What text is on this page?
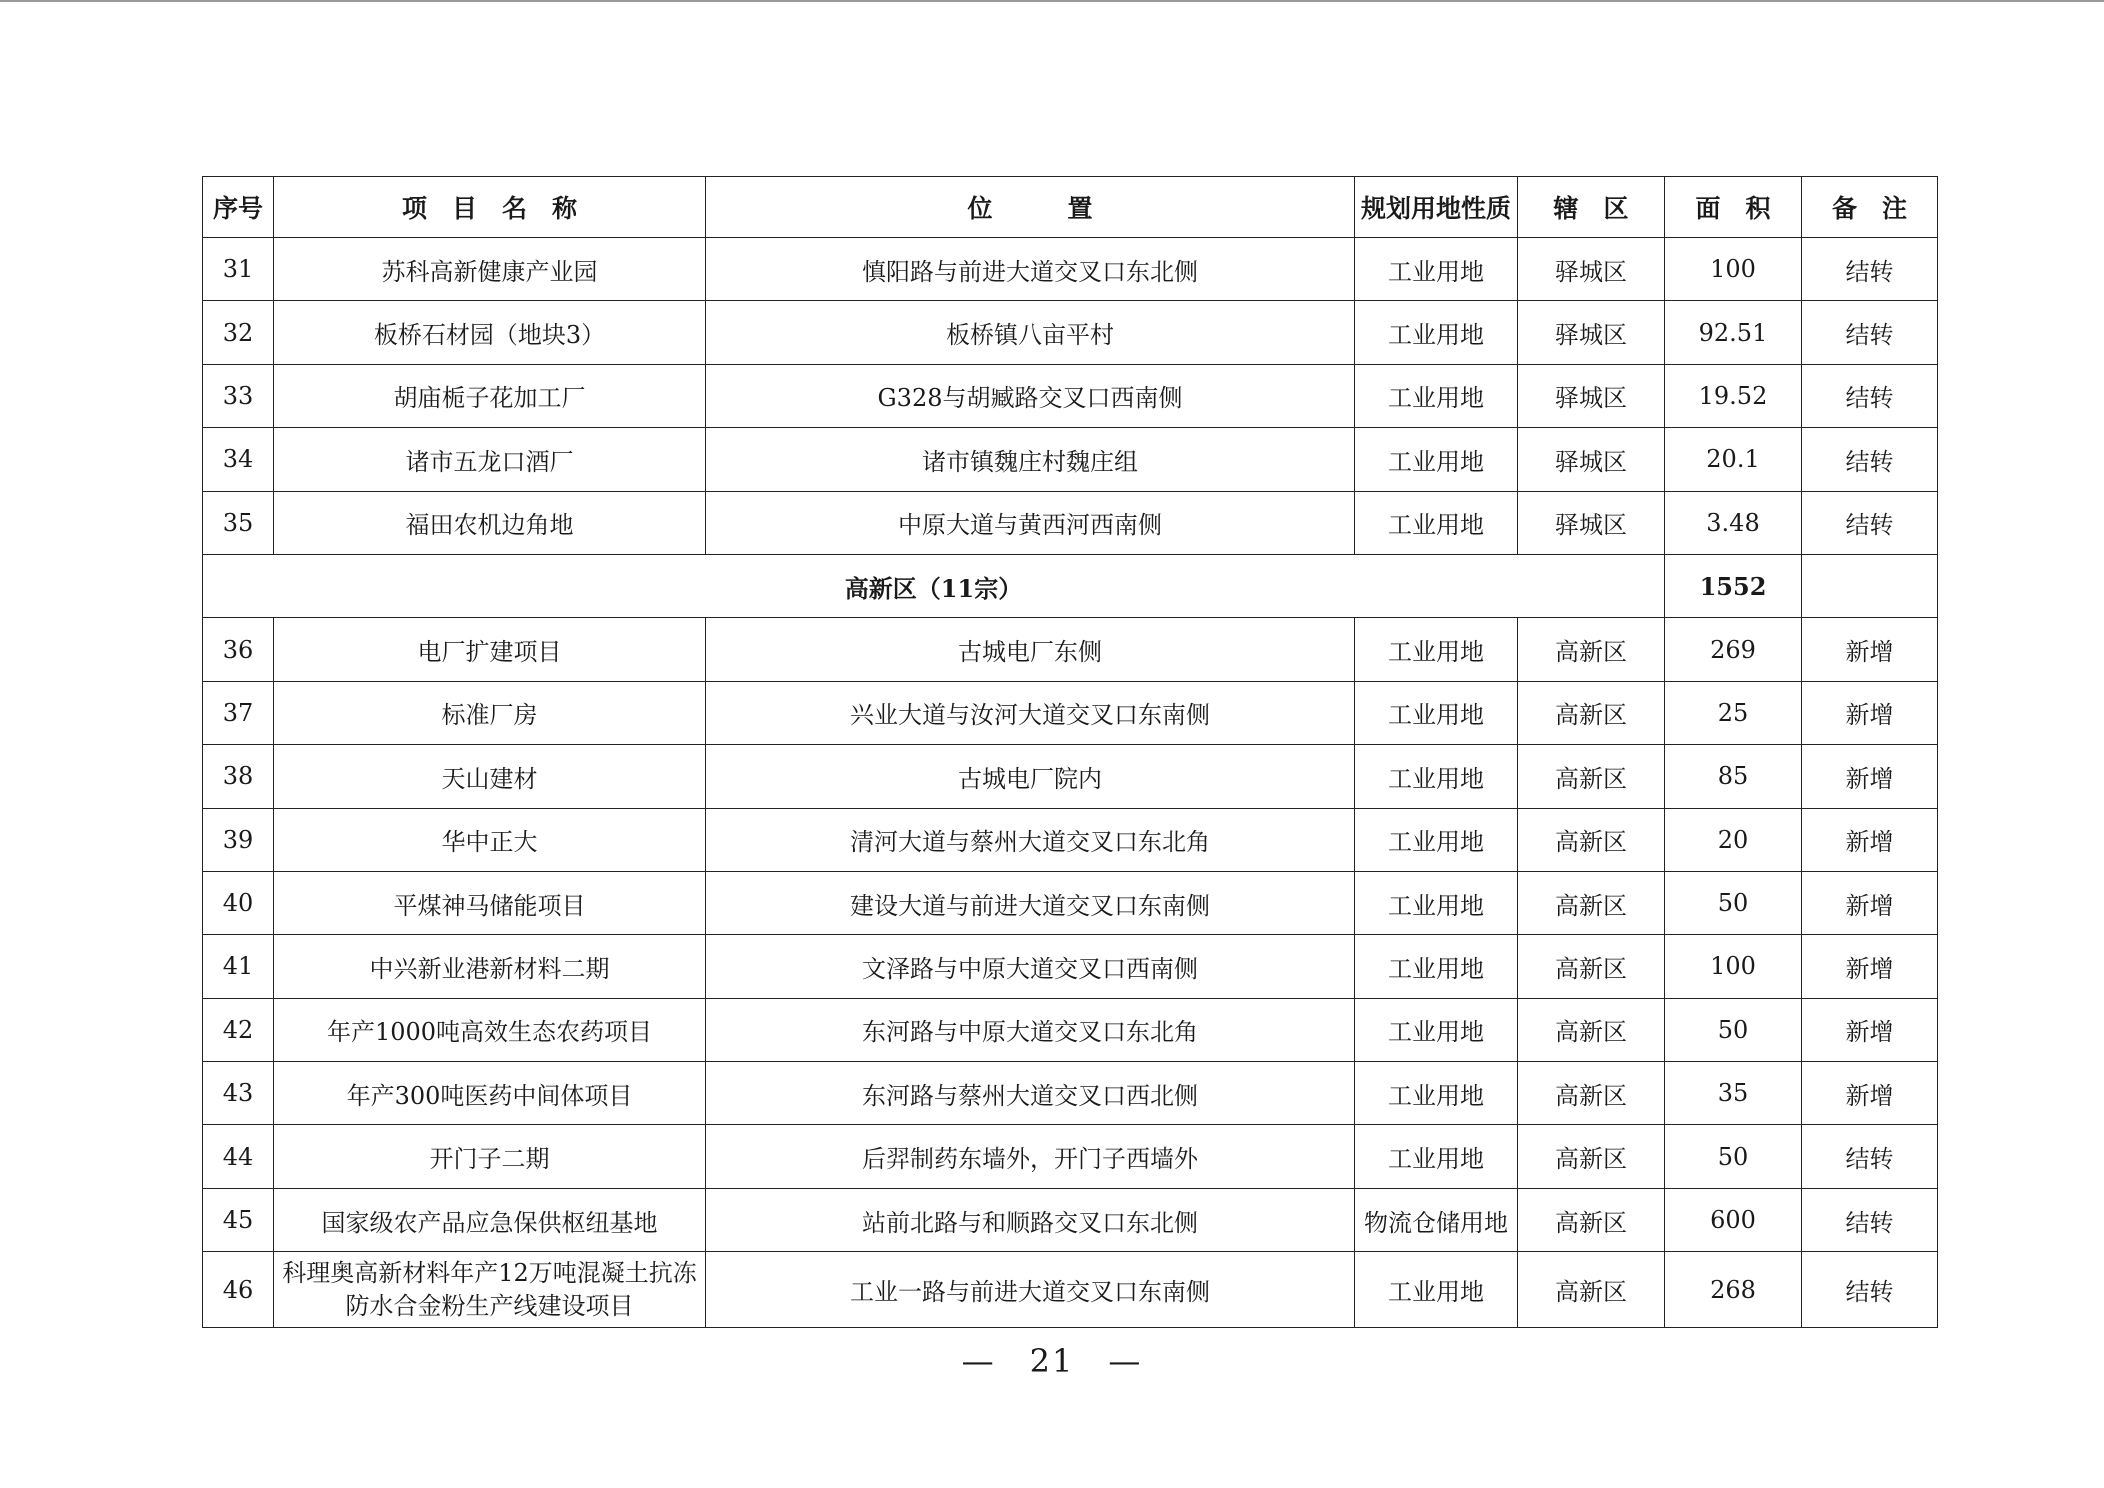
序号	项　目　名　称	位　　　置	规划用地性质	辖　区	面　积	备　注
31	苏科高新健康产业园	慎阳路与前进大道交叉口东北侧	工业用地	驿城区	100	结转
32	板桥石材园（地块3）	板桥镇八亩平村	工业用地	驿城区	92.51	结转
33	胡庙栀子花加工厂	G328与胡臧路交叉口西南侧	工业用地	驿城区	19.52	结转
34	诸市五龙口酒厂	诸市镇魏庄村魏庄组	工业用地	驿城区	20.1	结转
35	福田农机边角地	中原大道与黄西河西南侧	工业用地	驿城区	3.48	结转
高新区（11宗）					1552	
36	电厂扩建项目	古城电厂东侧	工业用地	高新区	269	新增
37	标准厂房	兴业大道与汝河大道交叉口东南侧	工业用地	高新区	25	新增
38	天山建材	古城电厂院内	工业用地	高新区	85	新增
39	华中正大	清河大道与蔡州大道交叉口东北角	工业用地	高新区	20	新增
40	平煤神马储能项目	建设大道与前进大道交叉口东南侧	工业用地	高新区	50	新增
41	中兴新业港新材料二期	文泽路与中原大道交叉口西南侧	工业用地	高新区	100	新增
42	年产1000吨高效生态农药项目	东河路与中原大道交叉口东北角	工业用地	高新区	50	新增
43	年产300吨医药中间体项目	东河路与蔡州大道交叉口西北侧	工业用地	高新区	35	新增
44	开门子二期	后羿制药东墙外，开门子西墙外	工业用地	高新区	50	结转
45	国家级农产品应急保供枢纽基地	站前北路与和顺路交叉口东北侧	物流仓储用地	高新区	600	结转
46	科理奥高新材料年产12万吨混凝土抗冻防水合金粉生产线建设项目	工业一路与前进大道交叉口东南侧	工业用地	高新区	268	结转
—　21　—
